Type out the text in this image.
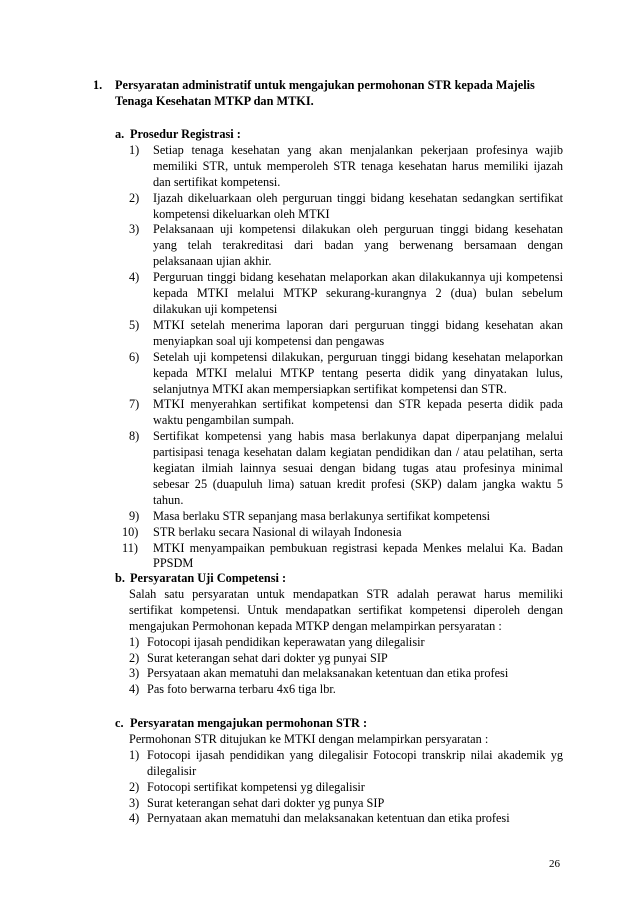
1. Persyaratan administratif untuk mengajukan permohonan STR kepada Majelis Tenaga Kesehatan MTKP dan MTKI.
a. Prosedur Registrasi :
1) Setiap tenaga kesehatan yang akan menjalankan pekerjaan profesinya wajib memiliki STR, untuk memperoleh STR tenaga kesehatan harus memiliki ijazah dan sertifikat kompetensi.
2) Ijazah dikeluarkaan oleh perguruan tinggi bidang kesehatan sedangkan sertifikat kompetensi dikeluarkan oleh MTKI
3) Pelaksanaan uji kompetensi dilakukan oleh perguruan tinggi bidang kesehatan yang telah terakreditasi dari badan yang berwenang bersamaan dengan pelaksanaan ujian akhir.
4) Perguruan tinggi bidang kesehatan melaporkan akan dilakukannya uji kompetensi kepada MTKI melalui MTKP sekurang-kurangnya 2 (dua) bulan sebelum dilakukan uji kompetensi
5) MTKI setelah menerima laporan dari perguruan tinggi bidang kesehatan akan menyiapkan soal uji kompetensi dan pengawas
6) Setelah uji kompetensi dilakukan, perguruan tinggi bidang kesehatan melaporkan kepada MTKI melalui MTKP tentang peserta didik yang dinyatakan lulus, selanjutnya MTKI akan mempersiapkan sertifikat kompetensi dan STR.
7) MTKI menyerahkan sertifikat kompetensi dan STR kepada peserta didik pada waktu pengambilan sumpah.
8) Sertifikat kompetensi yang habis masa berlakunya dapat diperpanjang melalui partisipasi tenaga kesehatan dalam kegiatan pendidikan dan / atau pelatihan, serta kegiatan ilmiah lainnya sesuai dengan bidang tugas atau profesinya minimal sebesar 25 (duapuluh lima) satuan kredit profesi (SKP) dalam jangka waktu 5 tahun.
9) Masa berlaku STR sepanjang masa berlakunya sertifikat kompetensi
10) STR berlaku secara Nasional di wilayah Indonesia
11) MTKI menyampaikan pembukuan registrasi kepada Menkes melalui Ka. Badan PPSDM
b. Persyaratan Uji Competensi :
Salah satu persyaratan untuk mendapatkan STR adalah perawat harus memiliki sertifikat kompetensi. Untuk mendapatkan sertifikat kompetensi diperoleh dengan mengajukan Permohonan kepada MTKP dengan melampirkan persyaratan :
1) Fotocopi ijasah pendidikan keperawatan yang dilegalisir
2) Surat keterangan sehat dari dokter yg punyai SIP
3) Persyataan akan mematuhi dan melaksanakan ketentuan dan etika profesi
4) Pas foto berwarna terbaru 4x6 tiga lbr.
c. Persyaratan mengajukan permohonan STR :
Permohonan STR ditujukan ke MTKI dengan melampirkan persyaratan :
1) Fotocopi ijasah pendidikan yang dilegalisir Fotocopi transkrip nilai akademik yg dilegalisir
2) Fotocopi sertifikat kompetensi yg dilegalisir
3) Surat keterangan sehat dari dokter yg punya SIP
4) Pernyataan akan mematuhi dan melaksanakan ketentuan dan etika profesi
26
